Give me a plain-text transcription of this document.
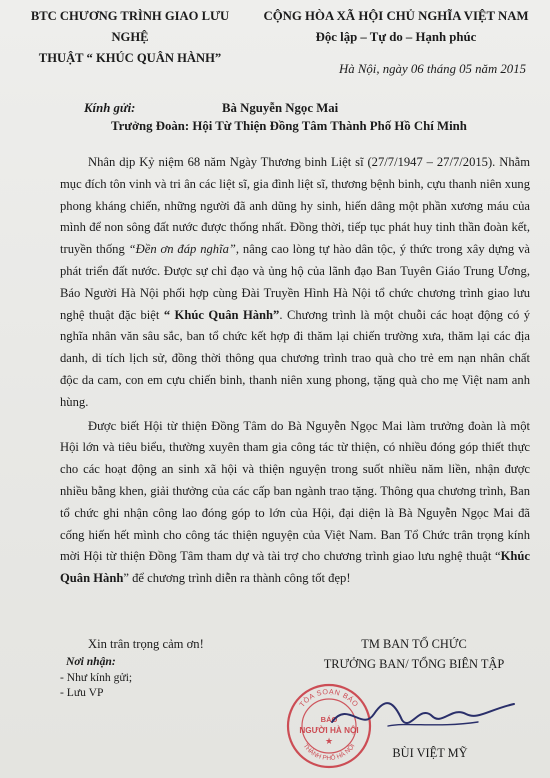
BTC CHƯƠNG TRÌNH GIAO LƯU NGHỆ
THUẬT “ KHÚC QUÂN HÀNH”
CỘNG HÒA XÃ HỘI CHỦ NGHĨA VIỆT NAM
Độc lập – Tự do – Hạnh phúc
Hà Nội, ngày 06 tháng 05 năm 2015
Kính gửi:	Bà Nguyễn Ngọc Mai
Trưởng Đoàn: Hội Từ Thiện Đồng Tâm Thành Phố Hồ Chí Minh

Nhân dịp Kỷ niệm 68 năm Ngày Thương binh Liệt sĩ (27/7/1947 – 27/7/2015). Nhằm mục đích tôn vinh và tri ân các liệt sĩ, gia đình liệt sĩ, thương bệnh binh, cựu thanh niên xung phong kháng chiến, những người đã anh dũng hy sinh, hiến dâng một phần xương máu của mình để non sông đất nước được thống nhất. Đồng thời, tiếp tục phát huy tinh thần đoàn kết, truyền thống “Đền ơn đáp nghĩa”, nâng cao lòng tự hào dân tộc, ý thức trong xây dựng và phát triển đất nước. Được sự chỉ đạo và ủng hộ của lãnh đạo Ban Tuyên Giáo Trung Ương, Báo Người Hà Nội phối hợp cùng Đài Truyền Hình Hà Nội tổ chức chương trình giao lưu nghệ thuật đặc biệt “ Khúc Quân Hành”. Chương trình là một chuỗi các hoạt động có ý nghĩa nhân văn sâu sắc, ban tổ chức kết hợp đi thăm lại chiến trường xưa, thăm lại các địa danh, di tích lịch sử, đồng thời thông qua chương trình trao quà cho trẻ em nạn nhân chất độc da cam, con em cựu chiến binh, thanh niên xung phong, tặng quà cho mẹ Việt nam anh hùng.

Được biết Hội từ thiện Đồng Tâm do Bà Nguyễn Ngọc Mai làm trưởng đoàn là một Hội lớn và tiêu biểu, thường xuyên tham gia công tác từ thiện, có nhiều đóng góp thiết thực cho các hoạt động an sinh xã hội và thiện nguyện trong suốt nhiều năm liền, nhận được nhiều bằng khen, giải thưởng của các cấp ban ngành trao tặng. Thông qua chương trình, Ban tổ chức ghi nhận công lao đóng góp to lớn của Hội, đại diện là Bà Nguyễn Ngọc Mai đã cống hiến hết mình cho công tác thiện nguyện của Việt Nam. Ban Tổ Chức trân trọng kính mời Hội từ thiện Đồng Tâm tham dự và tài trợ cho chương trình giao lưu nghệ thuật “Khúc Quân Hành” để chương trình diễn ra thành công tốt đẹp!

Xin trân trọng cảm ơn!
Nơi nhận:
- Như kính gửi;
- Lưu VP
TM BAN TỔ CHỨC
TRƯỞNG BAN/ TỔNG BIÊN TẬP
TÒA SOẠN BÁO
THÀNH PHỐ HÀ NỘI
BÁO
NGƯỜI HÀ NỘI
★
BÙI VIỆT MỸ
